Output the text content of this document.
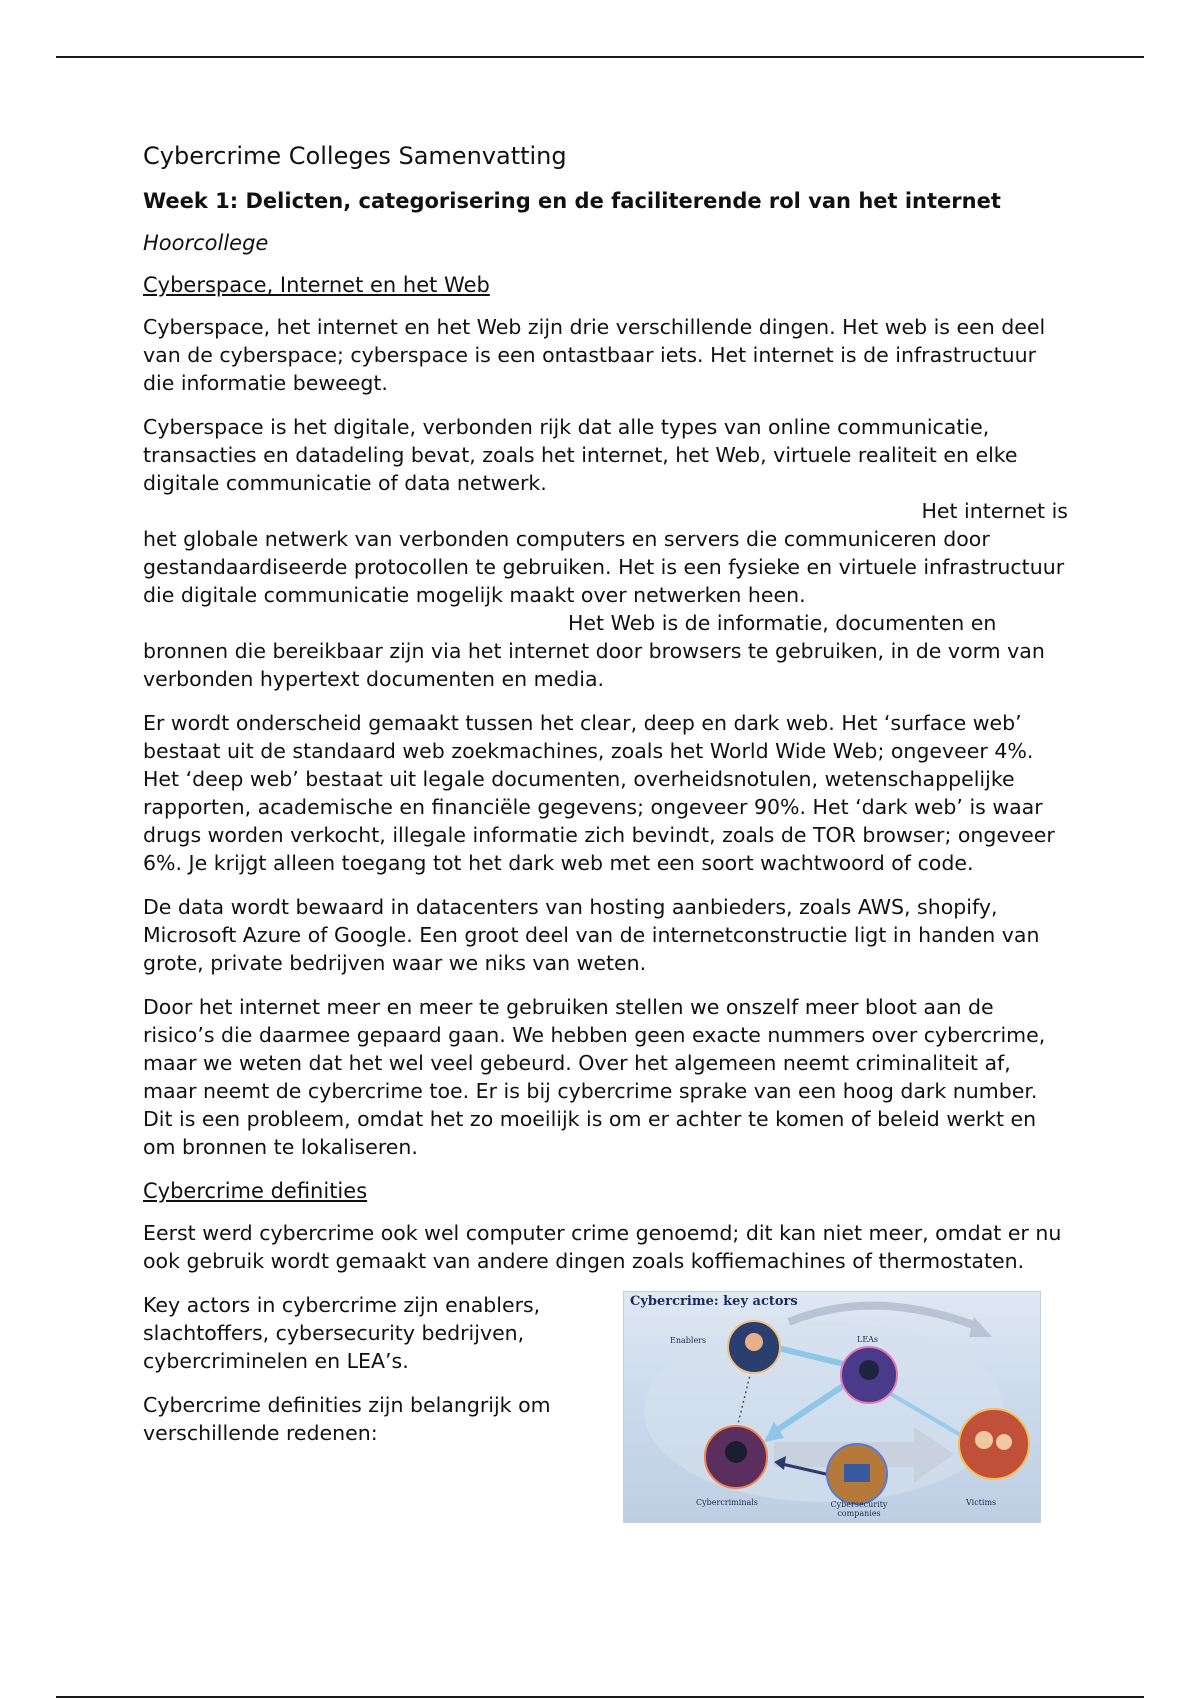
Cybercrime Colleges Samenvatting
Week 1: Delicten, categorisering en de faciliterende rol van het internet
Hoorcollege
Cyberspace, Internet en het Web

Cyberspace, het internet en het Web zijn drie verschillende dingen. Het web is een deel van de cyberspace; cyberspace is een ontastbaar iets. Het internet is de infrastructuur die informatie beweegt.

Cyberspace is het digitale, verbonden rijk dat alle types van online communicatie, transacties en datadeling bevat, zoals het internet, het Web, virtuele realiteit en elke digitale communicatie of data netwerk.

Het internet is
het globale netwerk van verbonden computers en servers die communiceren door gestandaardiseerde protocollen te gebruiken. Het is een fysieke en virtuele infrastructuur die digitale communicatie mogelijk maakt over netwerken heen.

Het Web is de informatie, documenten en
bronnen die bereikbaar zijn via het internet door browsers te gebruiken, in de vorm van verbonden hypertext documenten en media.

Er wordt onderscheid gemaakt tussen het clear, deep en dark web. Het ‘surface web’ bestaat uit de standaard web zoekmachines, zoals het World Wide Web; ongeveer 4%. Het ‘deep web’ bestaat uit legale documenten, overheidsnotulen, wetenschappelijke rapporten, academische en financiële gegevens; ongeveer 90%. Het ‘dark web’ is waar drugs worden verkocht, illegale informatie zich bevindt, zoals de TOR browser; ongeveer 6%. Je krijgt alleen toegang tot het dark web met een soort wachtwoord of code.

De data wordt bewaard in datacenters van hosting aanbieders, zoals AWS, shopify, Microsoft Azure of Google. Een groot deel van de internetconstructie ligt in handen van grote, private bedrijven waar we niks van weten.

Door het internet meer en meer te gebruiken stellen we onszelf meer bloot aan de risico’s die daarmee gepaard gaan. We hebben geen exacte nummers over cybercrime, maar we weten dat het wel veel gebeurd. Over het algemeen neemt criminaliteit af, maar neemt de cybercrime toe. Er is bij cybercrime sprake van een hoog dark number. Dit is een probleem, omdat het zo moeilijk is om er achter te komen of beleid werkt en om bronnen te lokaliseren.

Cybercrime definities

Eerst werd cybercrime ook wel computer crime genoemd; dit kan niet meer, omdat er nu ook gebruik wordt gemaakt van andere dingen zoals koffiemachines of thermostaten.

Key actors in cybercrime zijn enablers, slachtoffers, cybersecurity bedrijven, cybercriminelen en LEA’s.

Cybercrime definities zijn belangrijk om verschillende redenen:

Cybercrime: key actors
Enablers	LEAs
Cybercriminals	Cybersecurity
companies
Victims
